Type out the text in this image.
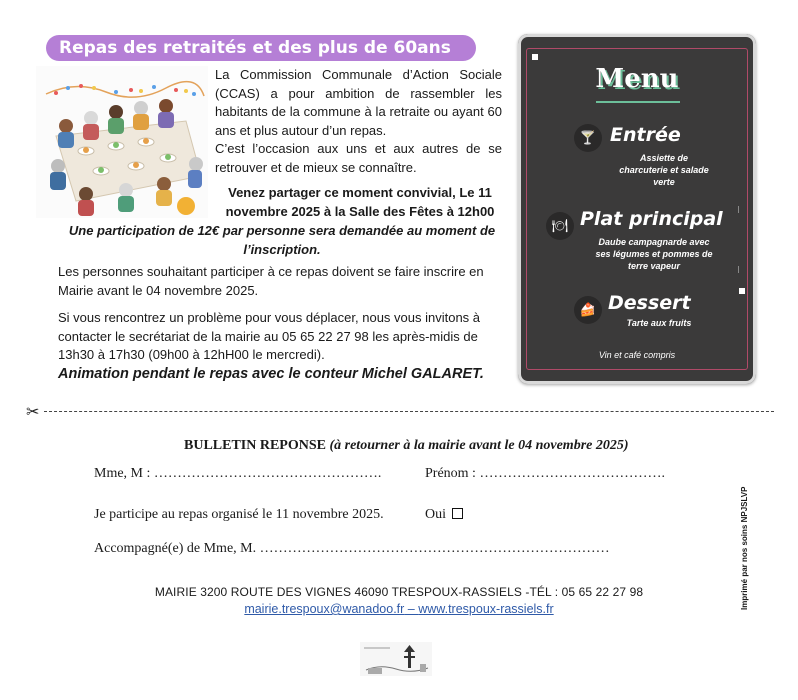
Repas des retraités et des plus de 60ans

La Commission Communale d’Action Sociale (CCAS) a pour ambition de rassembler les habitants de la commune à la retraite ou ayant 60 ans et plus autour d’un repas.

C’est l’occasion aux uns et aux autres de se retrouver et de mieux se connaître.

Venez partager ce moment convivial, Le 11 novembre 2025 à la Salle des Fêtes à 12h00
Une participation de 12€ par personne sera demandée au moment de l’inscription.
Les personnes souhaitant participer à ce repas doivent se faire inscrire en Mairie avant le 04 novembre 2025.
Si vous rencontrez un problème pour vous déplacer, nous vous invitons à contacter le secrétariat de la mairie au 05 65 22 27 98 les après-midis de 13h30 à 17h30 (09h00 à 12hH00 le mercredi).
Animation pendant le repas avec le conteur Michel GALARET.
Menu
🍸 Entrée
Assiette de
charcuterie et salade
verte
🍽 Plat principal
Daube campagnarde avec
ses légumes et pommes de
terre vapeur
🍰 Dessert
Tarte aux fruits
Vin et café compris
✂
BULLETIN REPONSE (à retourner à la mairie avant le 04 novembre 2025)
Mme, M : ………………………………………….	Prénom : ………………………………….
Je participe au repas organisé le 11 novembre 2025.	Oui
Accompagné(e) de Mme, M. …………………………………………………………………
MAIRIE 3200 ROUTE DES VIGNES 46090 TRESPOUX-RASSIELS -TÉL : 05 65 22 27 98
mairie.trespoux@wanadoo.fr – www.trespoux-rassiels.fr	Imprimé par nos soins NPJSLVP
